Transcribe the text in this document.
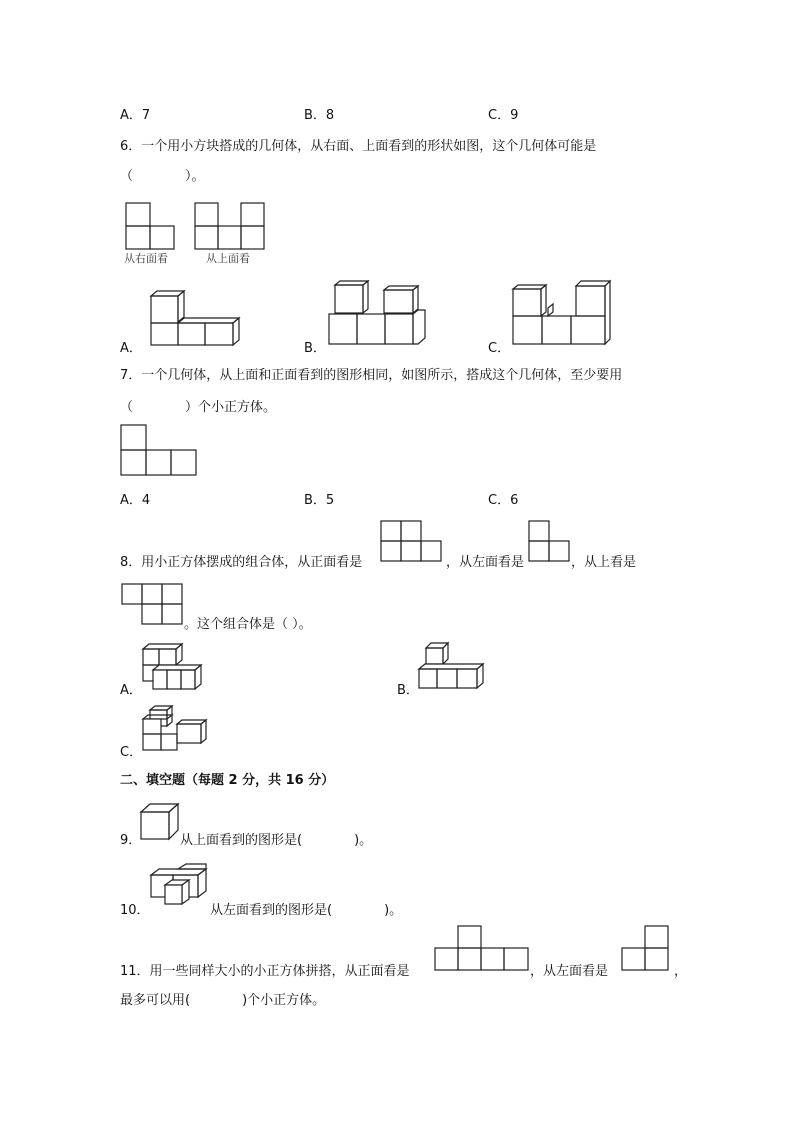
A．7	B．8	C．9
6．一个用小方块搭成的几何体，从右面、上面看到的形状如图，这个几何体可能是
（　　　　）。
从右面看	从上面看
A．	B．	C．
7．一个几何体，从上面和正面看到的图形相同，如图所示，搭成这个几何体，至少要用
（　　　　）个小正方体。
A．4	B．5	C．6
8．用小正方体摆成的组合体，从正面看是	，从左面看是	，从上看是
。这个组合体是（ ）。
A．	B．
C．
二、填空题（每题 2 分，共 16 分）
9．	从上面看到的图形是(　　　　)。
10．	从左面看到的图形是(　　　　)。
11．用一些同样大小的小正方体拼搭，从正面看是	，从左面看是	，
最多可以用(　　　　)个小正方体。
